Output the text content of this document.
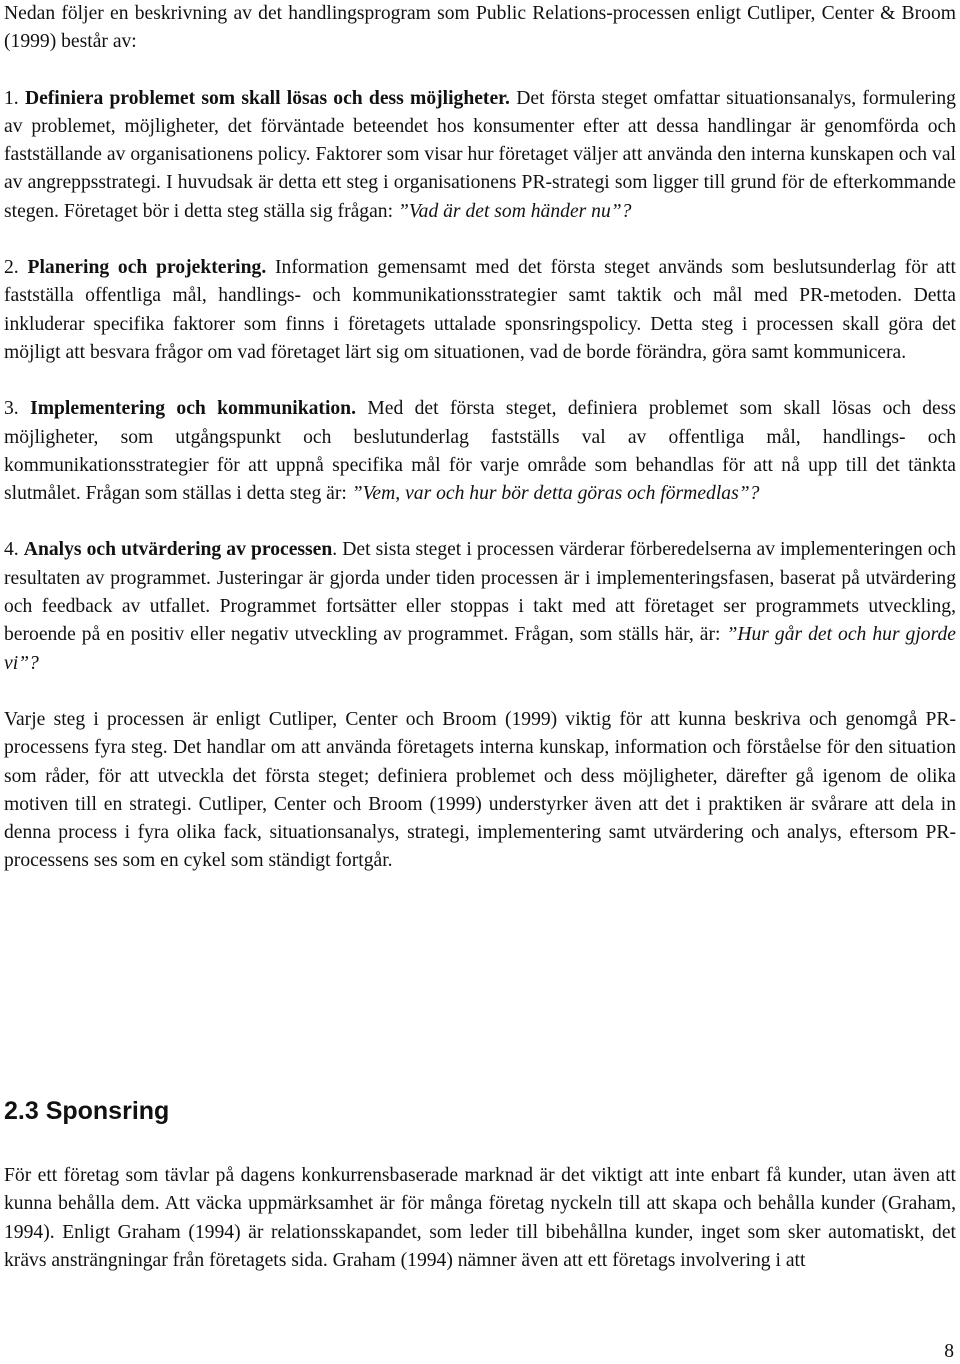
Nedan följer en beskrivning av det handlingsprogram som Public Relations-processen enligt Cutliper, Center & Broom (1999) består av:

1. Definiera problemet som skall lösas och dess möjligheter. Det första steget omfattar situationsanalys, formulering av problemet, möjligheter, det förväntade beteendet hos konsumenter efter att dessa handlingar är genomförda och fastställande av organisationens policy. Faktorer som visar hur företaget väljer att använda den interna kunskapen och val av angreppsstrategi. I huvudsak är detta ett steg i organisationens PR-strategi som ligger till grund för de efterkommande stegen. Företaget bör i detta steg ställa sig frågan: ”Vad är det som händer nu”?

2. Planering och projektering. Information gemensamt med det första steget används som beslutsunderlag för att fastställa offentliga mål, handlings- och kommunikationsstrategier samt taktik och mål med PR-metoden. Detta inkluderar specifika faktorer som finns i företagets uttalade sponsringspolicy. Detta steg i processen skall göra det möjligt att besvara frågor om vad företaget lärt sig om situationen, vad de borde förändra, göra samt kommunicera.

3. Implementering och kommunikation. Med det första steget, definiera problemet som skall lösas och dess möjligheter, som utgångspunkt och beslutunderlag fastställs val av offentliga mål, handlings- och kommunikationsstrategier för att uppnå specifika mål för varje område som behandlas för att nå upp till det tänkta slutmålet. Frågan som ställas i detta steg är: ”Vem, var och hur bör detta göras och förmedlas”?

4. Analys och utvärdering av processen. Det sista steget i processen värderar förberedelserna av implementeringen och resultaten av programmet. Justeringar är gjorda under tiden processen är i implementeringsfasen, baserat på utvärdering och feedback av utfallet. Programmet fortsätter eller stoppas i takt med att företaget ser programmets utveckling, beroende på en positiv eller negativ utveckling av programmet. Frågan, som ställs här, är: ”Hur går det och hur gjorde vi”?

Varje steg i processen är enligt Cutliper, Center och Broom (1999) viktig för att kunna beskriva och genomgå PR-processens fyra steg. Det handlar om att använda företagets interna kunskap, information och förståelse för den situation som råder, för att utveckla det första steget; definiera problemet och dess möjligheter, därefter gå igenom de olika motiven till en strategi. Cutliper, Center och Broom (1999) understyrker även att det i praktiken är svårare att dela in denna process i fyra olika fack, situationsanalys, strategi, implementering samt utvärdering och analys, eftersom PR-processens ses som en cykel som ständigt fortgår.

2.3 Sponsring

För ett företag som tävlar på dagens konkurrensbaserade marknad är det viktigt att inte enbart få kunder, utan även att kunna behålla dem. Att väcka uppmärksamhet är för många företag nyckeln till att skapa och behålla kunder (Graham, 1994). Enligt Graham (1994) är relationsskapandet, som leder till bibehållna kunder, inget som sker automatiskt, det krävs ansträngningar från företagets sida. Graham (1994) nämner även att ett företags involvering i att

8
